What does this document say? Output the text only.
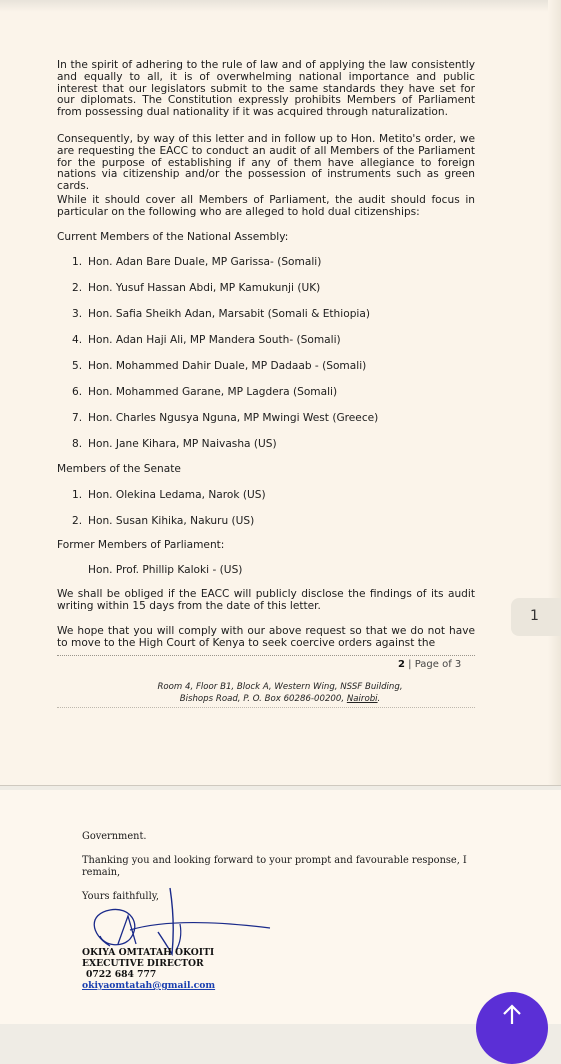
In the spirit of adhering to the rule of law and of applying the law consistently and equally to all, it is of overwhelming national importance and public interest that our legislators submit to the same standards they have set for our diplomats. The Constitution expressly prohibits Members of Parliament from possessing dual nationality if it was acquired through naturalization.
Consequently, by way of this letter and in follow up to Hon. Metito's order, we are requesting the EACC to conduct an audit of all Members of the Parliament for the purpose of establishing if any of them have allegiance to foreign nations via citizenship and/or the possession of instruments such as green cards.
While it should cover all Members of Parliament, the audit should focus in particular on the following who are alleged to hold dual citizenships:
Current Members of the National Assembly:
1. Hon. Adan Bare Duale, MP Garissa- (Somali)
2. Hon. Yusuf Hassan Abdi, MP Kamukunji (UK)
3. Hon. Safia Sheikh Adan, Marsabit (Somali & Ethiopia)
4. Hon. Adan Haji Ali, MP Mandera South- (Somali)
5. Hon. Mohammed Dahir Duale, MP Dadaab - (Somali)
6. Hon. Mohammed Garane, MP Lagdera (Somali)
7. Hon. Charles Ngusya Nguna, MP Mwingi West (Greece)
8. Hon. Jane Kihara, MP Naivasha (US)
Members of the Senate
1. Hon. Olekina Ledama, Narok (US)
2. Hon. Susan Kihika, Nakuru (US)
Former Members of Parliament:
Hon. Prof. Phillip Kaloki - (US)
We shall be obliged if the EACC will publicly disclose the findings of its audit writing within 15 days from the date of this letter.
We hope that you will comply with our above request so that we do not have to move to the High Court of Kenya to seek coercive orders against the
2 | Page of 3
Room 4, Floor B1, Block A, Western Wing, NSSF Building,
Bishops Road, P. O. Box 60286-00200, Nairobi.
1
Government.
Thanking you and looking forward to your prompt and favourable response, I
remain,
Yours faithfully,
OKIYA OMTATAH OKOITI
EXECUTIVE DIRECTOR
0722 684 777
okiyaomtatah@gmail.com
